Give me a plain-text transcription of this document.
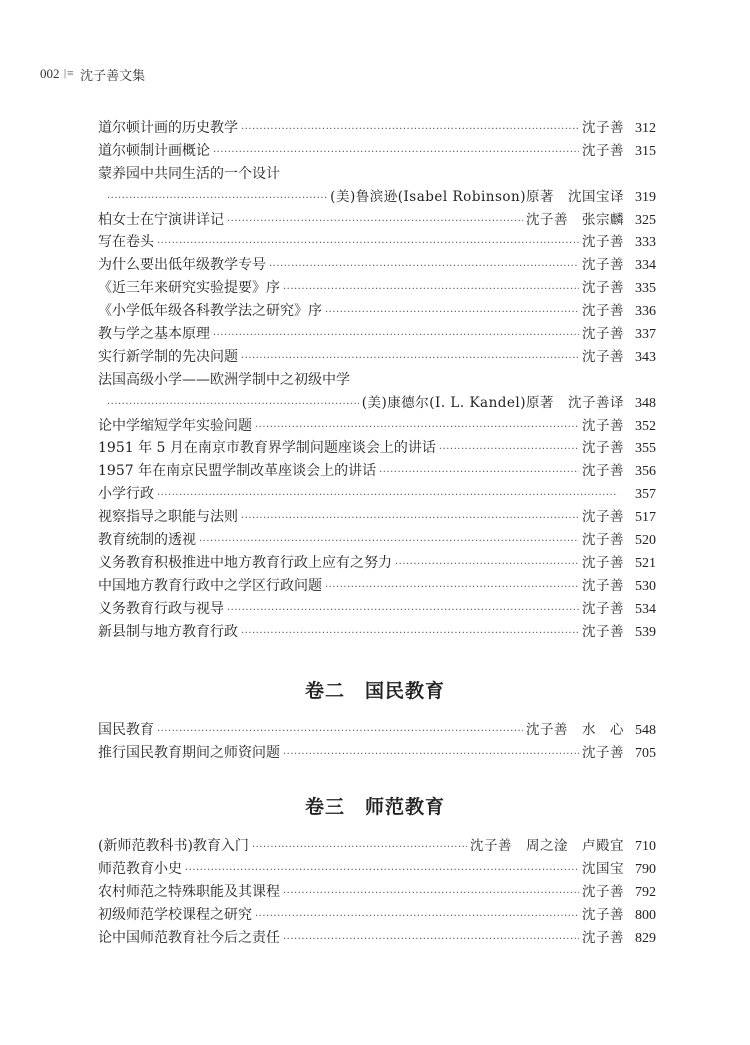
002 |≡ 沈子善文集
道尔顿计画的历史教学 ·····	沈子善 312
道尔顿制计画概论 ·····	沈子善 315
蒙养园中共同生活的一个设计
·····
(美)鲁滨逊(Isabel Robinson)原著　沈国宝译 319
柏女士在宁演讲详记 ·····	沈子善　张宗麟 325
写在卷头 ·····	沈子善 333
为什么要出低年级教学专号 ·····	沈子善 334
《近三年来研究实验提要》序 ·····	沈子善 335
《小学低年级各科教学法之研究》序 ·····	沈子善 336
教与学之基本原理 ·····	沈子善 337
实行新学制的先决问题 ·····	沈子善 343
法国高级小学——欧洲学制中之初级中学
·····
(美)康德尔(I. L. Kandel)原著　沈子善译 348
论中学缩短学年实验问题 ·····	沈子善 352
1951 年 5 月在南京市教育界学制问题座谈会上的讲话 ·····	沈子善 355
1957 年在南京民盟学制改革座谈会上的讲话 ·····	沈子善 356
小学行政 ·····	357
视察指导之职能与法则 ·····	沈子善 517
教育统制的透视 ·····	沈子善 520
义务教育积极推进中地方教育行政上应有之努力 ·····	沈子善 521
中国地方教育行政中之学区行政问题 ·····	沈子善 530
义务教育行政与视导 ·····	沈子善 534
新县制与地方教育行政 ·····	沈子善 539
卷二　国民教育
国民教育 ·····	沈子善　水　心 548
推行国民教育期间之师资问题 ·····	沈子善 705
卷三　师范教育
(新师范教科书)教育入门 ·····	沈子善　周之淦　卢殿宜 710
师范教育小史 ·····	沈国宝 790
农村师范之特殊职能及其课程 ·····	沈子善 792
初级师范学校课程之研究 ·····	沈子善 800
论中国师范教育社今后之责任 ·····	沈子善 829
